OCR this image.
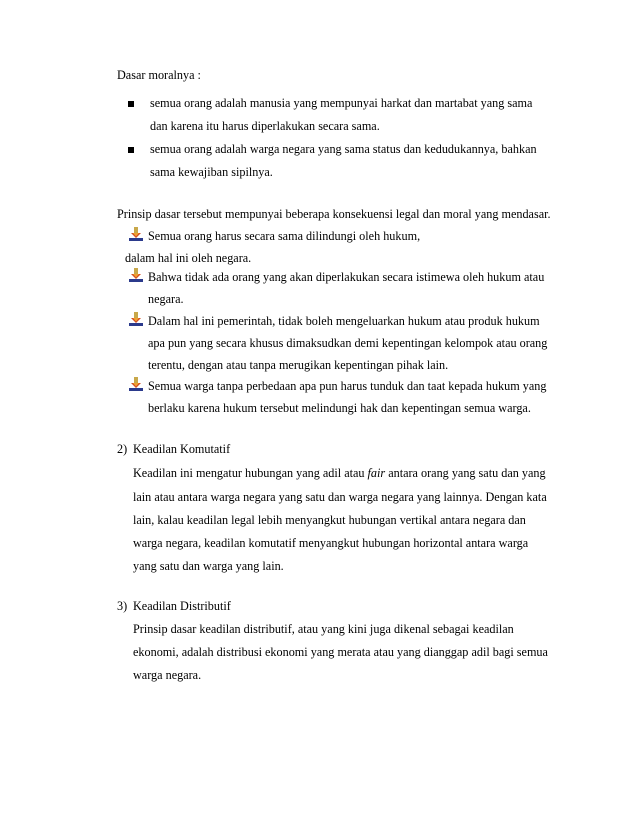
Dasar moralnya :
semua orang adalah manusia yang mempunyai harkat dan martabat yang sama
dan karena itu harus diperlakukan secara sama.
semua orang adalah warga negara yang sama status dan kedudukannya, bahkan
sama kewajiban sipilnya.
Prinsip dasar tersebut mempunyai beberapa konsekuensi legal dan moral yang mendasar.
Semua orang harus secara sama dilindungi oleh hukum,
dalam hal ini oleh negara.
Bahwa tidak ada orang yang akan diperlakukan secara istimewa oleh hukum atau
negara.
Dalam hal ini pemerintah, tidak boleh mengeluarkan hukum atau produk hukum
apa pun yang secara khusus dimaksudkan demi kepentingan kelompok atau orang
terentu, dengan atau tanpa merugikan kepentingan pihak lain.
Semua warga tanpa perbedaan apa pun harus tunduk dan taat kepada hukum yang
berlaku karena hukum tersebut melindungi hak dan kepentingan semua warga.
2) Keadilan Komutatif
Keadilan ini mengatur hubungan yang adil atau fair antara orang yang satu dan yang
lain atau antara warga negara yang satu dan warga negara yang lainnya. Dengan kata
lain, kalau keadilan legal lebih menyangkut hubungan vertikal antara negara dan
warga negara, keadilan komutatif menyangkut hubungan horizontal antara warga
yang satu dan warga yang lain.
3) Keadilan Distributif
Prinsip dasar keadilan distributif, atau yang kini juga dikenal sebagai keadilan
ekonomi, adalah distribusi ekonomi yang merata atau yang dianggap adil bagi semua
warga negara.
